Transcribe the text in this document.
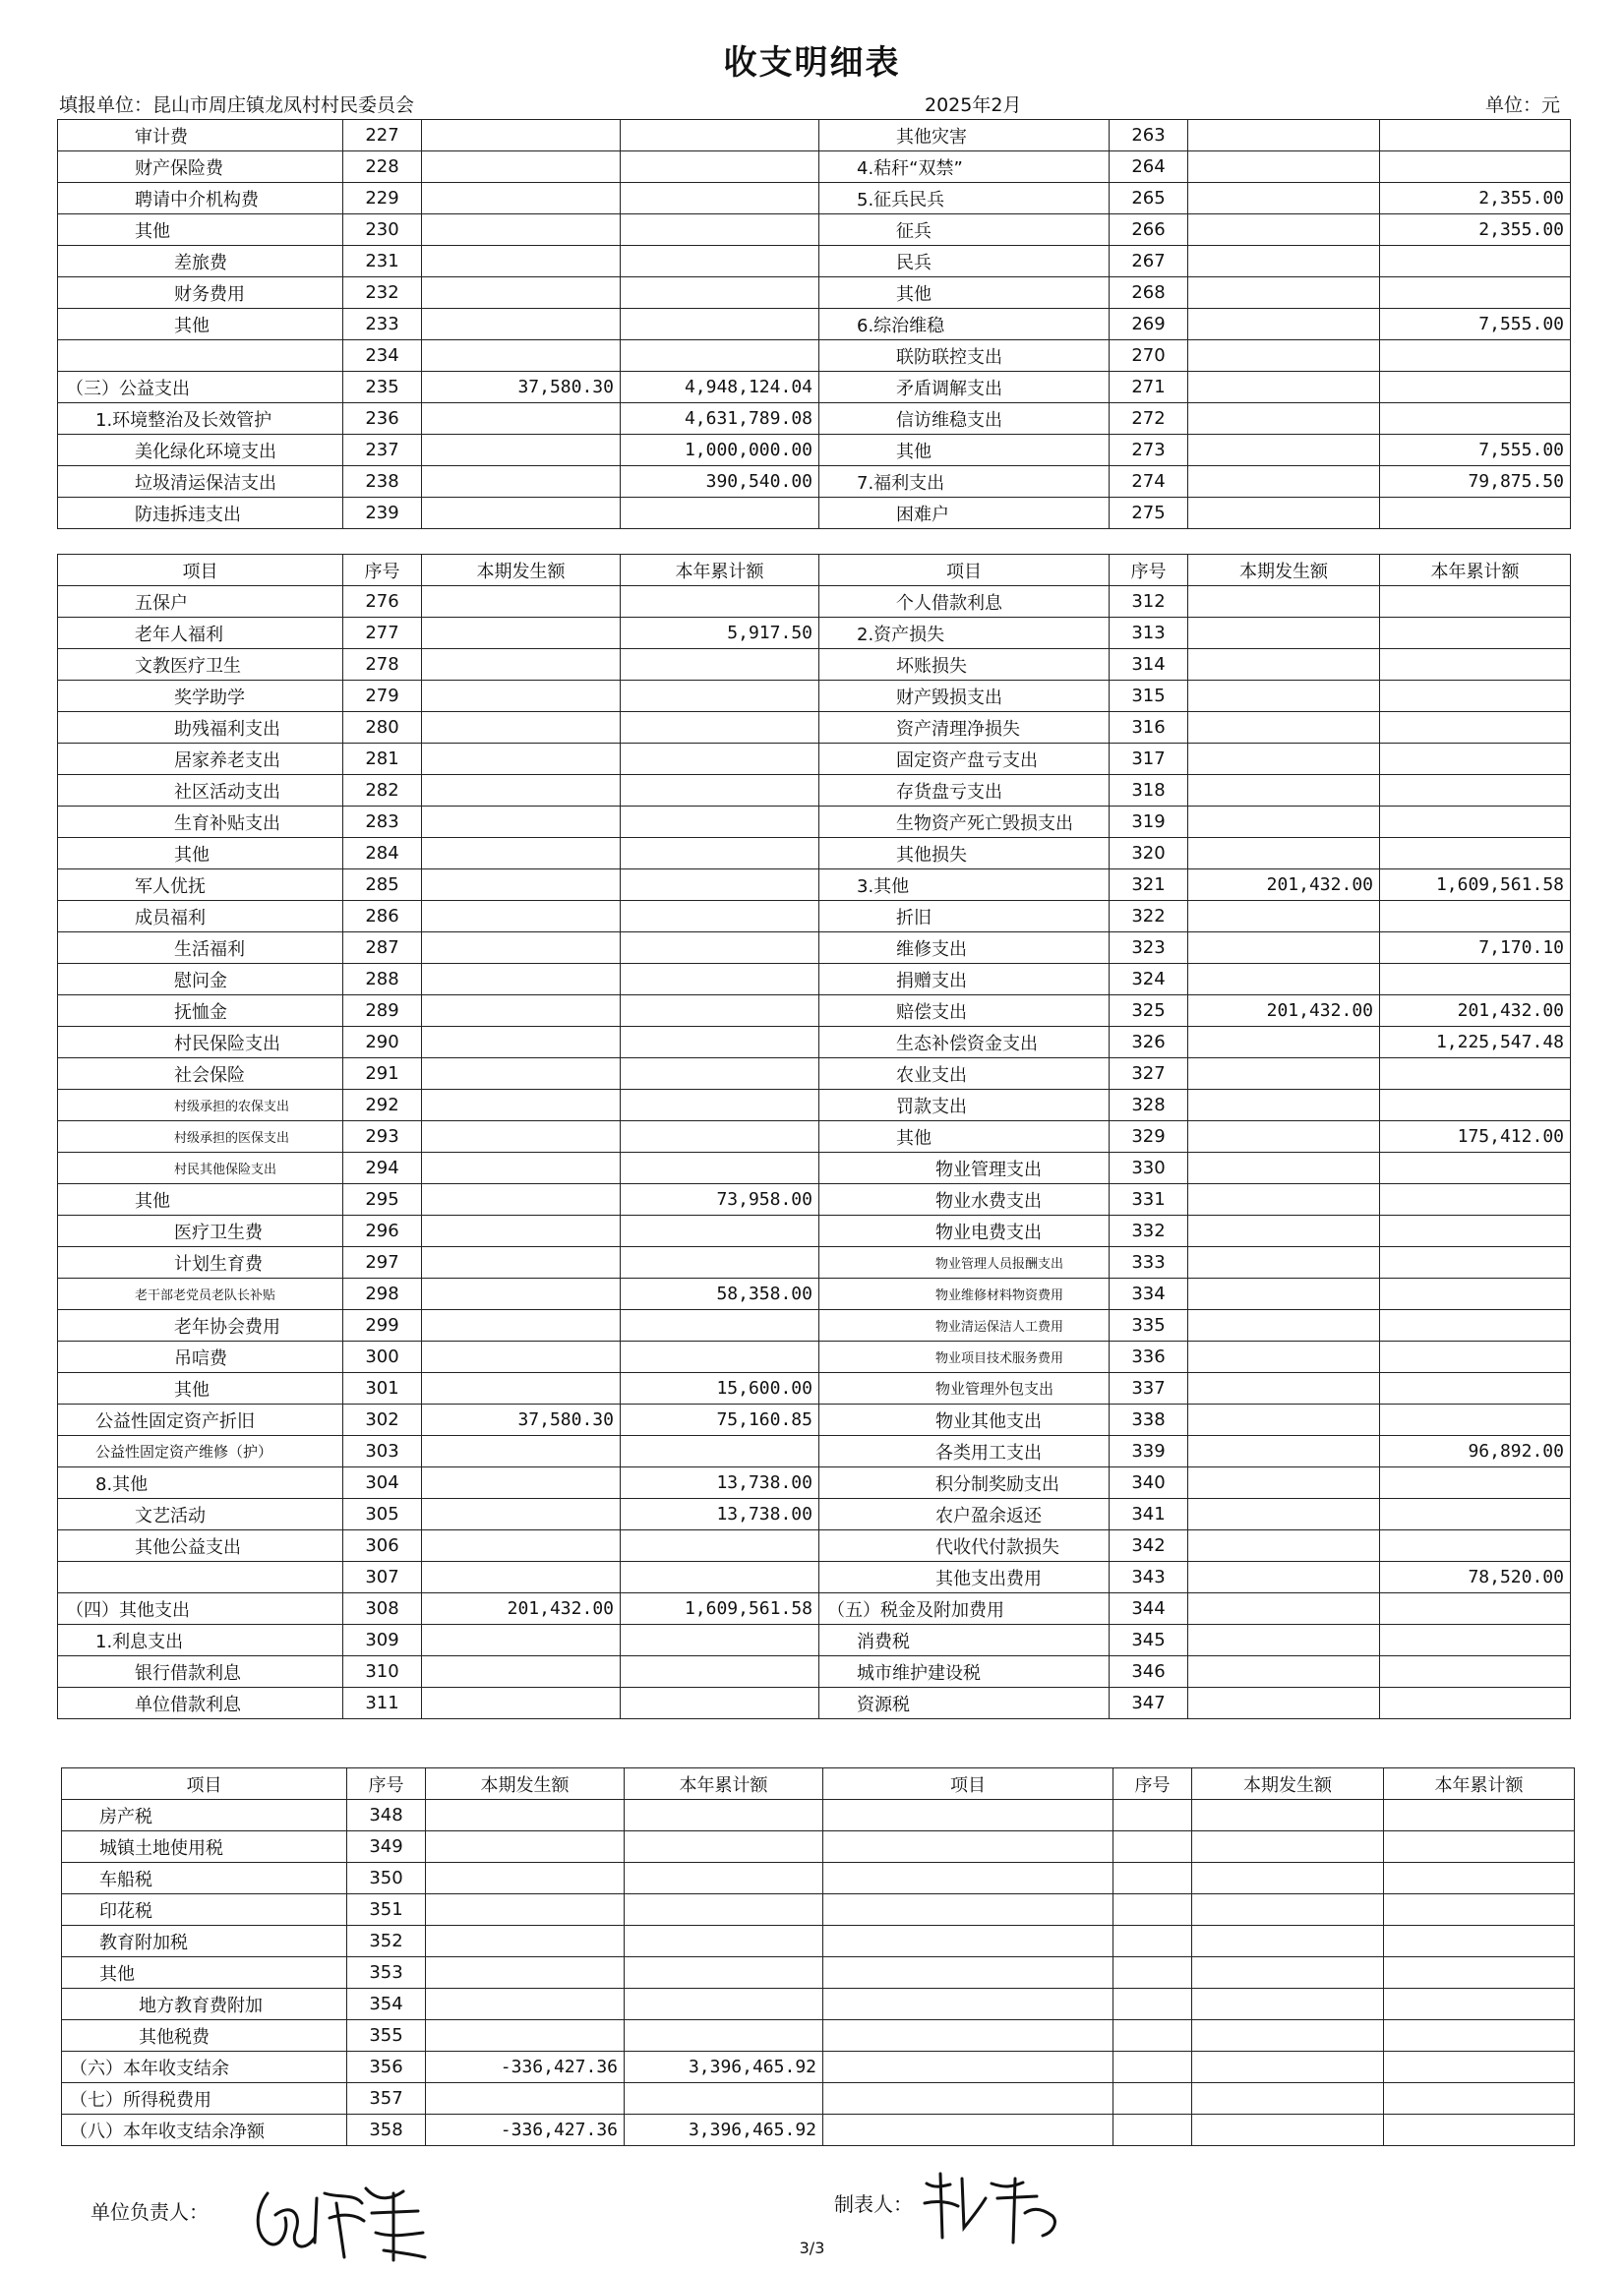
收支明细表
填报单位：昆山市周庄镇龙凤村村民委员会	2025年2月	单位：元
审计费	227			其他灾害	263		
财产保险费	228			4.秸秆“双禁”	264		
聘请中介机构费	229			5.征兵民兵	265		2,355.00
其他	230			征兵	266		2,355.00
差旅费	231			民兵	267		
财务费用	232			其他	268		
其他	233			6.综治维稳	269		7,555.00
	234			联防联控支出	270		
（三）公益支出	235	37,580.30	4,948,124.04	矛盾调解支出	271		
1.环境整治及长效管护	236		4,631,789.08	信访维稳支出	272		
美化绿化环境支出	237		1,000,000.00	其他	273		7,555.00
垃圾清运保洁支出	238		390,540.00	7.福利支出	274		79,875.50
防违拆违支出	239			困难户	275		
项目	序号	本期发生额	本年累计额	项目	序号	本期发生额	本年累计额
五保户	276			个人借款利息	312		
老年人福利	277		5,917.50	2.资产损失	313		
文教医疗卫生	278			坏账损失	314		
奖学助学	279			财产毁损支出	315		
助残福利支出	280			资产清理净损失	316		
居家养老支出	281			固定资产盘亏支出	317		
社区活动支出	282			存货盘亏支出	318		
生育补贴支出	283			生物资产死亡毁损支出	319		
其他	284			其他损失	320		
军人优抚	285			3.其他	321	201,432.00	1,609,561.58
成员福利	286			折旧	322		
生活福利	287			维修支出	323		7,170.10
慰问金	288			捐赠支出	324		
抚恤金	289			赔偿支出	325	201,432.00	201,432.00
村民保险支出	290			生态补偿资金支出	326		1,225,547.48
社会保险	291			农业支出	327		
村级承担的农保支出	292			罚款支出	328		
村级承担的医保支出	293			其他	329		175,412.00
村民其他保险支出	294			物业管理支出	330		
其他	295		73,958.00	物业水费支出	331		
医疗卫生费	296			物业电费支出	332		
计划生育费	297			物业管理人员报酬支出	333		
老干部老党员老队长补贴	298		58,358.00	物业维修材料物资费用	334		
老年协会费用	299			物业清运保洁人工费用	335		
吊唁费	300			物业项目技术服务费用	336		
其他	301		15,600.00	物业管理外包支出	337		
公益性固定资产折旧	302	37,580.30	75,160.85	物业其他支出	338		
公益性固定资产维修（护）	303			各类用工支出	339		96,892.00
8.其他	304		13,738.00	积分制奖励支出	340		
文艺活动	305		13,738.00	农户盈余返还	341		
其他公益支出	306			代收代付款损失	342		
	307			其他支出费用	343		78,520.00
（四）其他支出	308	201,432.00	1,609,561.58	（五）税金及附加费用	344		
1.利息支出	309			消费税	345		
银行借款利息	310			城市维护建设税	346		
单位借款利息	311			资源税	347		
项目	序号	本期发生额	本年累计额	项目	序号	本期发生额	本年累计额
房产税	348						
城镇土地使用税	349						
车船税	350						
印花税	351						
教育附加税	352						
其他	353						
地方教育费附加	354						
其他税费	355						
（六）本年收支结余	356	-336,427.36	3,396,465.92				
（七）所得税费用	357						
（八）本年收支结余净额	358	-336,427.36	3,396,465.92				
单位负责人：	制表人：
3/3
